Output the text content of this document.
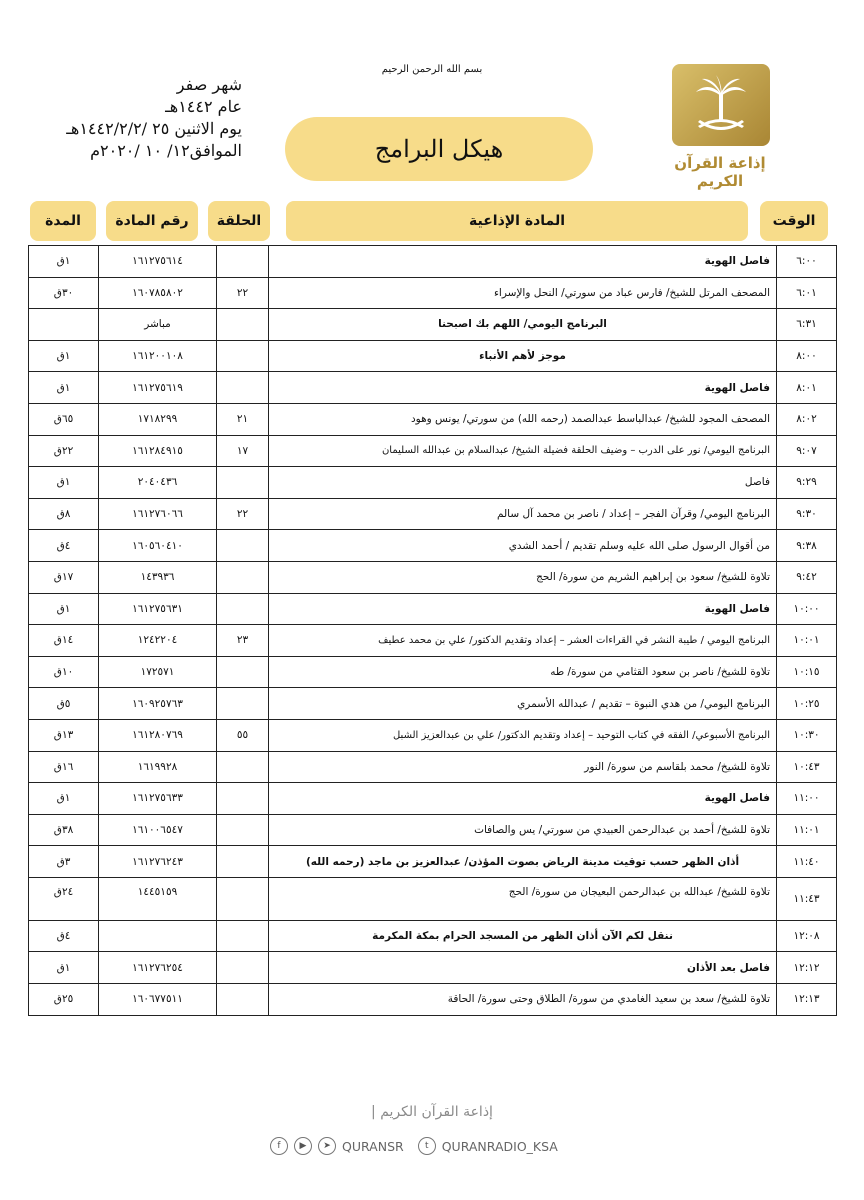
بسم الله الرحمن الرحيم
إذاعة القرآن الكريم
هيكل البرامج
شهر صفر
عام ١٤٤٢هـ
يوم الاثنين ٢٥ /١٤٤٢/٢/٢هـ
الموافق١٢/ ١٠ /٢٠٢٠م
الوقت
المادة الإذاعية
الحلقة
رقم المادة
المدة
٦:٠٠	فاصل الهوية		١٦١٢٧٥٦١٤	١ق
٦:٠١	المصحف المرتل للشيخ/ فارس عباد من سورتي/ النحل والإسراء	٢٢	١٦٠٧٨٥٨٠٢	٣٠ق
٦:٣١	البرنامج اليومي/ اللهم بك اصبحنا		مباشر	
٨:٠٠	موجز لأهم الأنباء		١٦١٢٠٠١٠٨	١ق
٨:٠١	فاصل الهوية		١٦١٢٧٥٦١٩	١ق
٨:٠٢	المصحف المجود للشيخ/ عبدالباسط عبدالصمد (رحمه الله) من سورتي/ يونس وهود	٢١	١٧١٨٢٩٩	٦٥ق
٩:٠٧	البرنامج اليومي/ نور على الدرب – وضيف الحلقة فضيلة الشيخ/ عبدالسلام بن عبدالله السليمان	١٧	١٦١٢٨٤٩١٥	٢٢ق
٩:٢٩	فاصل		٢٠٤٠٤٣٦	١ق
٩:٣٠	البرنامج اليومي/ وقرآن الفجر – إعداد / ناصر بن محمد آل سالم	٢٢	١٦١٢٧٦٠٦٦	٨ق
٩:٣٨	من أقوال الرسول صلى الله عليه وسلم تقديم / أحمد الشدي		١٦٠٥٦٠٤١٠	٤ق
٩:٤٢	تلاوة للشيخ/ سعود بن إبراهيم الشريم من سورة/ الحج		١٤٣٩٣٦	١٧ق
١٠:٠٠	فاصل الهوية		١٦١٢٧٥٦٣١	١ق
١٠:٠١	البرنامج اليومي / طيبة النشر في القراءات العشر – إعداد وتقديم الدكتور/ علي بن محمد عطيف	٢٣	١٢٤٢٢٠٤	١٤ق
١٠:١٥	تلاوة للشيخ/ ناصر بن سعود القثامي من سورة/ طه		١٧٢٥٧١	١٠ق
١٠:٢٥	البرنامج اليومي/ من هدي النبوة – تقديم / عبدالله الأسمري		١٦٠٩٢٥٧٦٣	٥ق
١٠:٣٠	البرنامج الأسبوعي/ الفقه في كتاب التوحيد – إعداد وتقديم الدكتور/ علي بن عبدالعزيز الشبل	٥٥	١٦١٢٨٠٧٦٩	١٣ق
١٠:٤٣	تلاوة للشيخ/ محمد بلقاسم من سورة/ النور		١٦١٩٩٢٨	١٦ق
١١:٠٠	فاصل الهوية		١٦١٢٧٥٦٣٣	١ق
١١:٠١	تلاوة للشيخ/ أحمد بن عبدالرحمن العبيدي من سورتي/ يس والصافات		١٦١٠٠٦٥٤٧	٣٨ق
١١:٤٠	أذان الظهر حسب توقيت مدينة الرياض بصوت المؤذن/ عبدالعزيز بن ماجد (رحمه الله)		١٦١٢٧٦٢٤٣	٣ق
١١:٤٣	تلاوة للشيخ/ عبدالله بن عبدالرحمن البعيجان من سورة/ الحج		١٤٤٥١٥٩	٢٤ق
١٢:٠٨	ننقل لكم الآن أذان الظهر من المسجد الحرام بمكة المكرمة			٤ق
١٢:١٢	فاصل بعد الأذان		١٦١٢٧٦٢٥٤	١ق
١٢:١٣	تلاوة للشيخ/ سعد بن سعيد الغامدي من سورة/ الطلاق وحتى سورة/ الحاقة		١٦٠٦٧٧٥١١	٢٥ق
إذاعة القرآن الكريم |
f	▶	➤ QURANSR	t	QURANRADIO_KSA
